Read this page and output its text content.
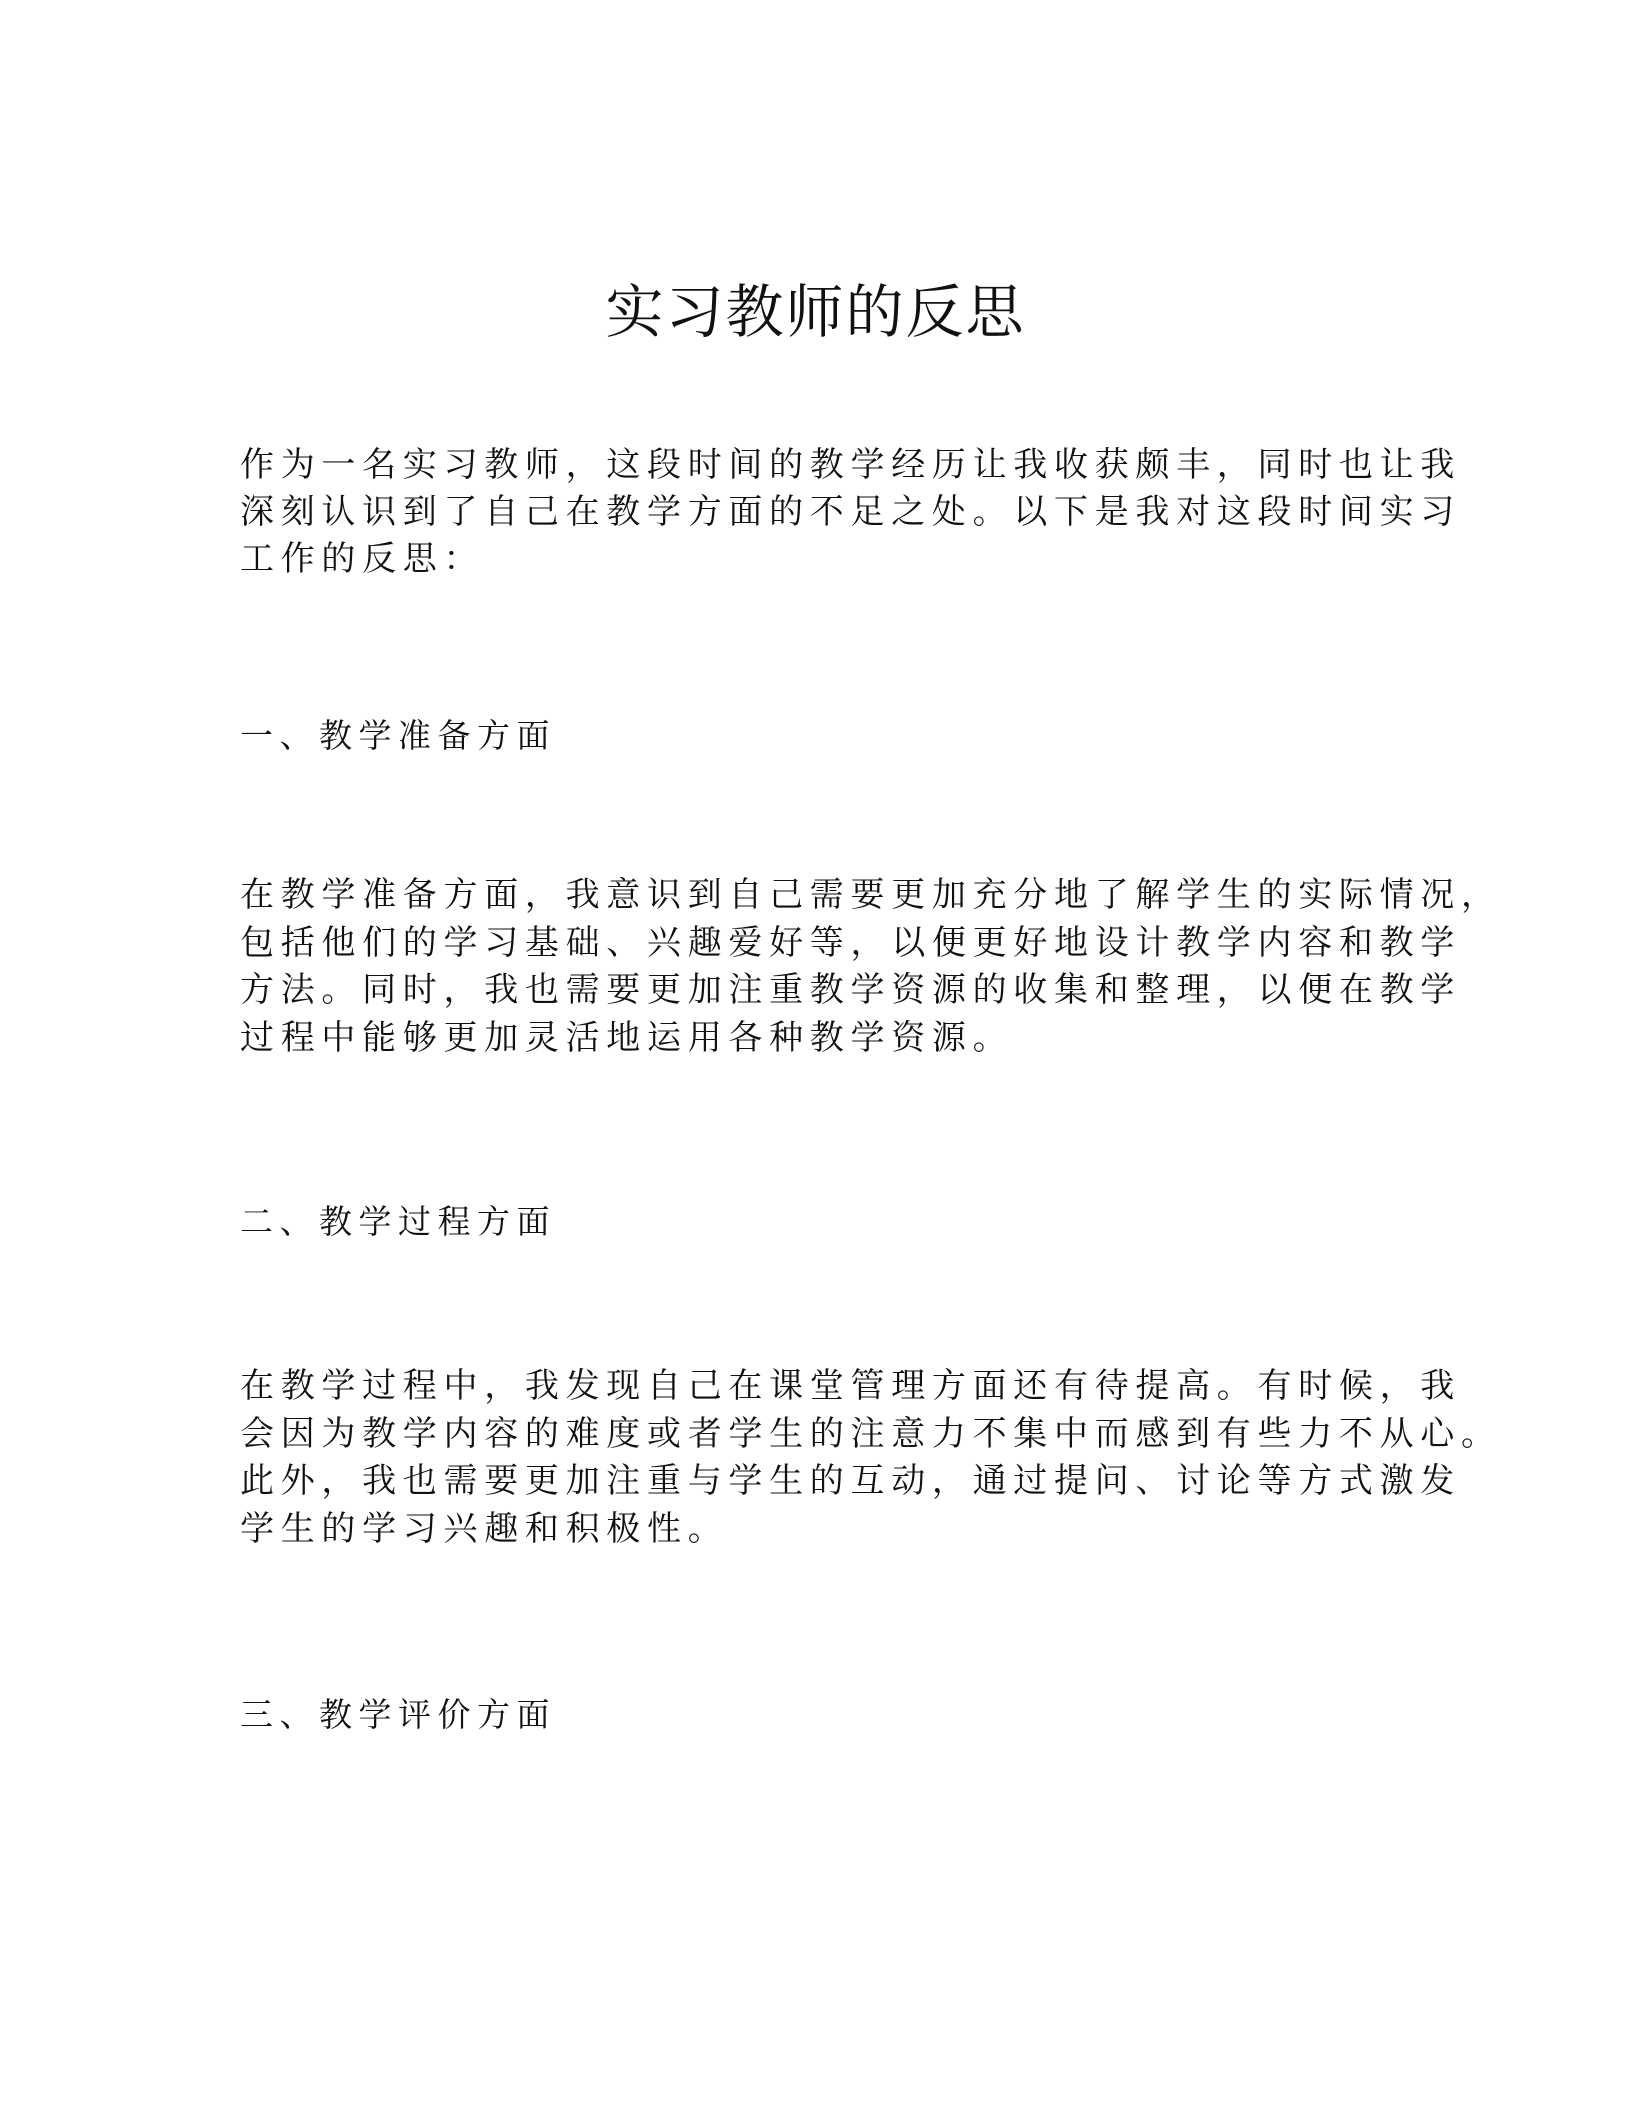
实习教师的反思
作为一名实习教师，这段时间的教学经历让我收获颇丰，同时也让我
深刻认识到了自己在教学方面的不足之处。以下是我对这段时间实习
工作的反思：
一、教学准备方面
在教学准备方面，我意识到自己需要更加充分地了解学生的实际情况，
包括他们的学习基础、兴趣爱好等，以便更好地设计教学内容和教学
方法。同时，我也需要更加注重教学资源的收集和整理，以便在教学
过程中能够更加灵活地运用各种教学资源。
二、教学过程方面
在教学过程中，我发现自己在课堂管理方面还有待提高。有时候，我
会因为教学内容的难度或者学生的注意力不集中而感到有些力不从心。
此外，我也需要更加注重与学生的互动，通过提问、讨论等方式激发
学生的学习兴趣和积极性。
三、教学评价方面
